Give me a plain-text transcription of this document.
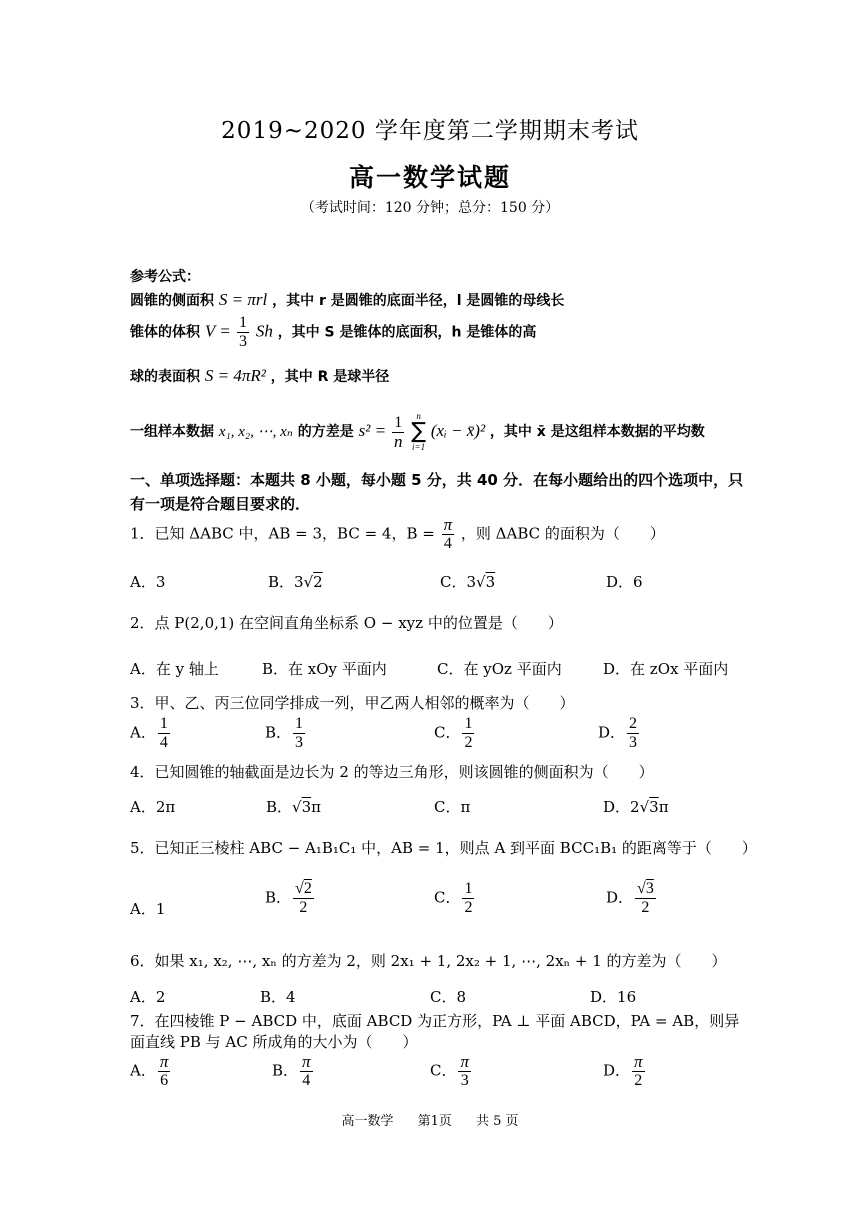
2019~2020 学年度第二学期期末考试
高一数学试题
（考试时间：120 分钟；总分：150 分）
参考公式：
圆锥的侧面积 S = πrl ，其中 r 是圆锥的底面半径，l 是圆锥的母线长
锥体的体积 $V = \frac{1}{3}$ Sh ，其中 S 是锥体的底面积，h 是锥体的高
球的表面积 S = 4πR² ，其中 R 是球半径
一组样本数据 x₁, x₂, ⋯, xₙ 的方差是 $s^2 = \frac{1}{n}$
	n
∑
i=1
(xᵢ − x̄)² ，其中 x̄ 是这组样本数据的平均数
一、单项选择题：本题共 8 小题，每小题 5 分，共 40 分．在每小题给出的四个选项中，只
有一项是符合题目要求的．
1．已知 ΔABC 中，AB = 3，BC = 4，$B = \frac{\pi}{4}$ ，则 ΔABC 的面积为（　　）
A．3	B．3√2	C．3√3	D．6
2．点 P(2,0,1) 在空间直角坐标系 O − xyz 中的位置是（　　）
A．在 y 轴上	B．在 xOy 平面内	C．在 yOz 平面内	D．在 zOx 平面内
3．甲、乙、丙三位同学排成一列，甲乙两人相邻的概率为（　　）
A． $\frac{1}{4}$	B． $\frac{1}{3}$	C． $\frac{1}{2}$	D． $\frac{2}{3}$
4．已知圆锥的轴截面是边长为 2 的等边三角形，则该圆锥的侧面积为（　　）
A．2π	B．√3π	C．π	D．2√3π
5．已知正三棱柱 ABC − A₁B₁C₁ 中，AB = 1，则点 A 到平面 BCC₁B₁ 的距离等于（　　）
A．1
B． $\frac{√2}{2}$	C． $\frac{1}{2}$	D． $\frac{√3}{2}$
6．如果 x₁, x₂, ⋯, xₙ 的方差为 2，则 2x₁ + 1, 2x₂ + 1, ⋯, 2xₙ + 1 的方差为（　　）
A．2	B．4	C．8	D．16
7．在四棱锥 P − ABCD 中，底面 ABCD 为正方形，PA ⊥ 平面 ABCD，PA = AB，则异
面直线 PB 与 AC 所成角的大小为（　　）
A． $\frac{\pi}{6}$	B． $\frac{\pi}{4}$	C． $\frac{\pi}{3}$	D． $\frac{\pi}{2}$
高一数学 第1页 共 5 页
